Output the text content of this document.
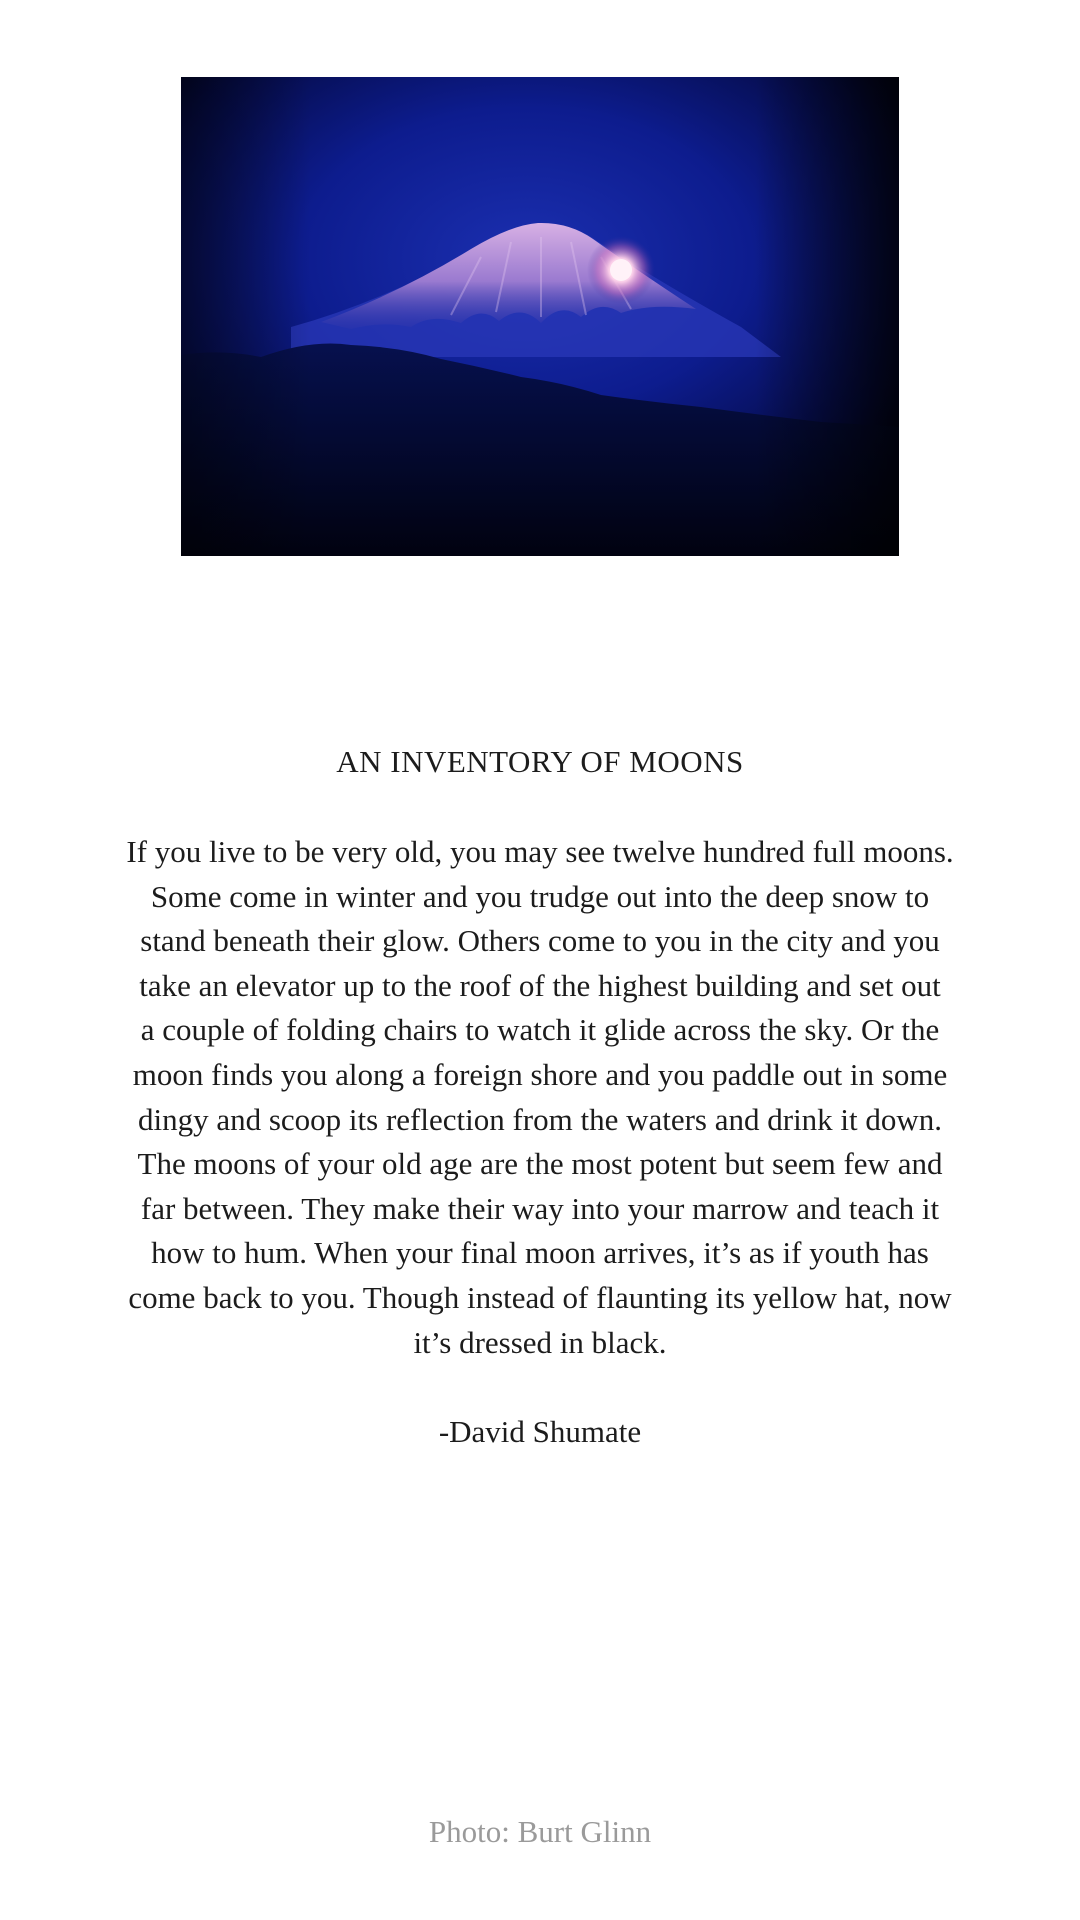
AN INVENTORY OF MOONS
If you live to be very old, you may see twelve hundred full moons.
Some come in winter and you trudge out into the deep snow to
stand beneath their glow. Others come to you in the city and you
take an elevator up to the roof of the highest building and set out
a couple of folding chairs to watch it glide across the sky. Or the
moon finds you along a foreign shore and you paddle out in some
dingy and scoop its reflection from the waters and drink it down.
The moons of your old age are the most potent but seem few and
far between. They make their way into your marrow and teach it
how to hum. When your final moon arrives, it’s as if youth has
come back to you. Though instead of flaunting its yellow hat, now
it’s dressed in black.
-David Shumate
Photo: Burt Glinn
